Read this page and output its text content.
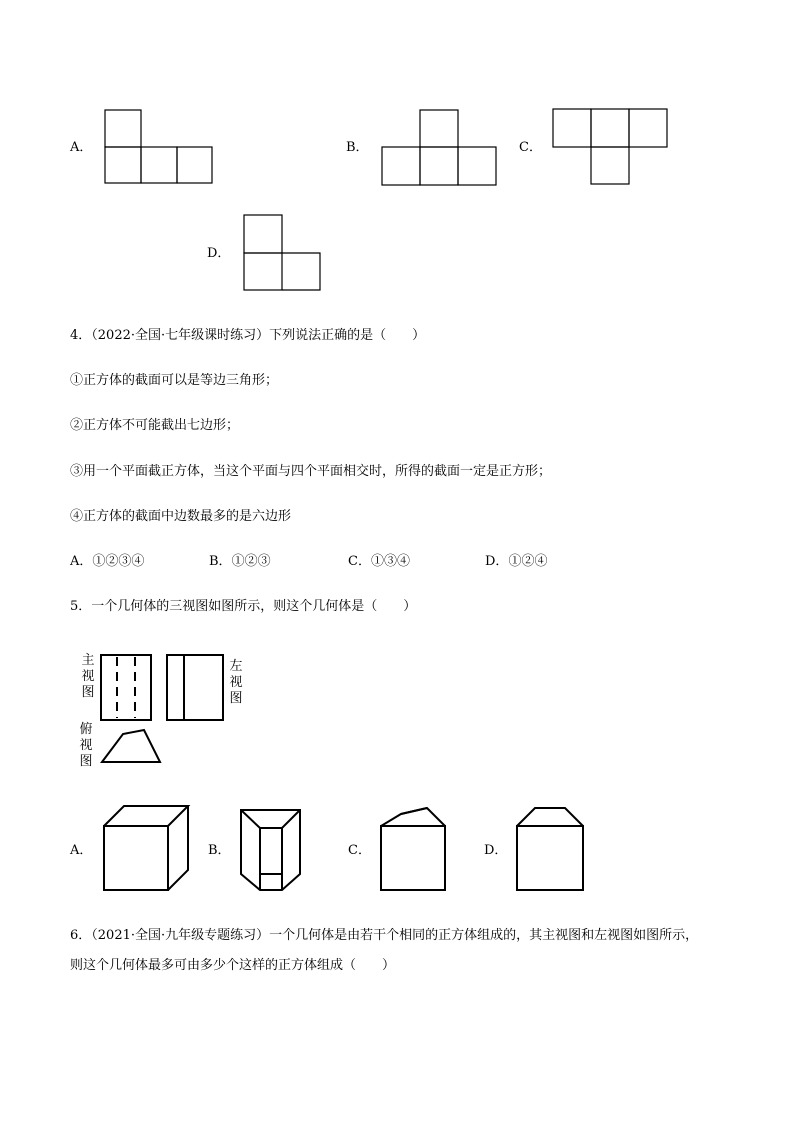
A．	B．	C．
D．
4．（2022·全国·七年级课时练习）下列说法正确的是（　　）
①正方体的截面可以是等边三角形；
②正方体不可能截出七边形；
③用一个平面截正方体，当这个平面与四个平面相交时，所得的截面一定是正方形；
④正方体的截面中边数最多的是六边形
A．①②③④	B．①②③	C．①③④	D．①②④
5．一个几何体的三视图如图所示，则这个几何体是（　　）
主
视
图
左
视
图
俯
视
图
A．	B．	C．	D．
6．（2021·全国·九年级专题练习）一个几何体是由若干个相同的正方体组成的，其主视图和左视图如图所示，
则这个几何体最多可由多少个这样的正方体组成（　　）
